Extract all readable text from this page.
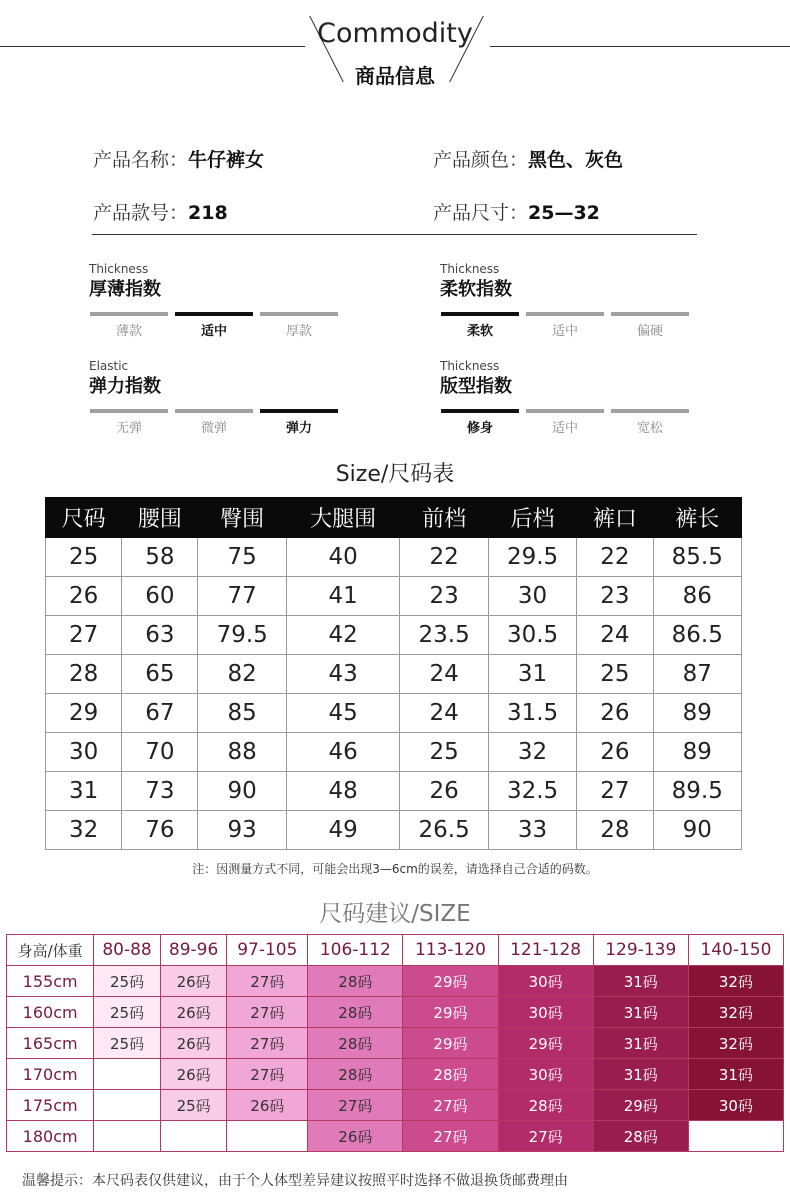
Commodity
商品信息
产品名称：牛仔裤女	产品颜色：黑色、灰色
产品款号：218	产品尺寸：25—32
Thickness
厚薄指数
薄款	适中	厚款
Thickness
柔软指数
柔软	适中	偏硬
Elastic
弹力指数
无弹	微弹	弹力
Thickness
版型指数
修身	适中	宽松
Size/尺码表
尺码	腰围	臀围	大腿围	前档	后档	裤口	裤长
25	58	75	40	22	29.5	22	85.5
26	60	77	41	23	30	23	86
27	63	79.5	42	23.5	30.5	24	86.5
28	65	82	43	24	31	25	87
29	67	85	45	24	31.5	26	89
30	70	88	46	25	32	26	89
31	73	90	48	26	32.5	27	89.5
32	76	93	49	26.5	33	28	90
注：因测量方式不同，可能会出现3—6cm的误差，请选择自己合适的码数。
尺码建议/SIZE
身高/体重	80-88	89-96	97-105	106-112	113-120	121-128	129-139	140-150
155cm	25码	26码	27码	28码	29码	30码	31码	32码
160cm	25码	26码	27码	28码	29码	30码	31码	32码
165cm	25码	26码	27码	28码	29码	29码	31码	32码
170cm		26码	27码	28码	28码	30码	31码	31码
175cm		25码	26码	27码	27码	28码	29码	30码
180cm				26码	27码	27码	28码	
温馨提示：本尺码表仅供建议，由于个人体型差异建议按照平时选择不做退换货邮费理由
